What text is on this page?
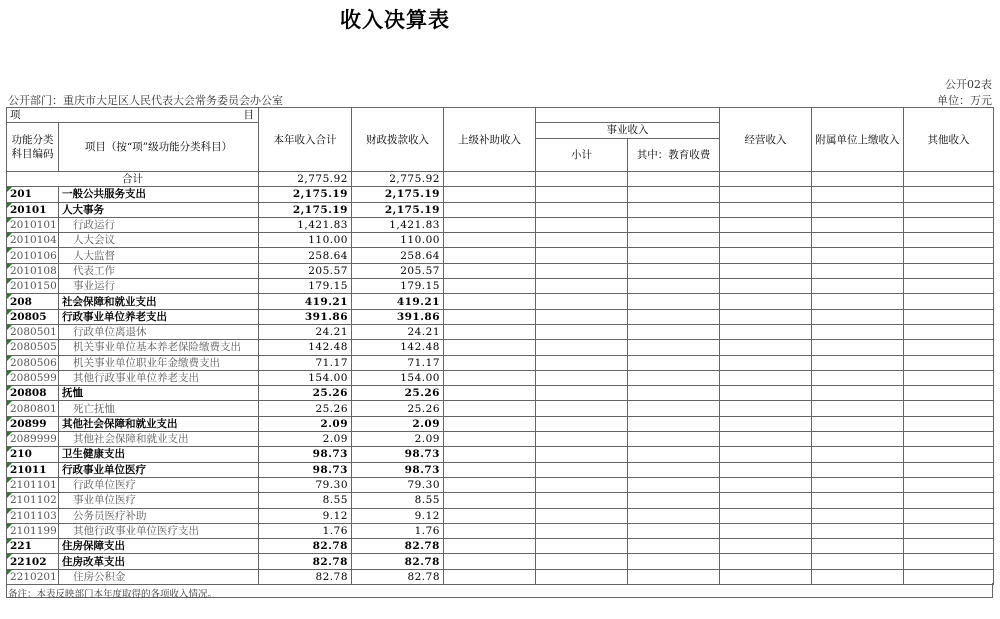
收入决算表
公开02表
公开部门：重庆市大足区人民代表大会常务委员会办公室	单位：万元
项 目		本年收入合计	财政拨款收入	上级补助收入			经营收入	附属单位上缴收入	其他收入
功能分类科目编码	项目（按“项”级功能分类科目）				事业收入				
					小计	其中：教育收费			
合计		2,775.92	2,775.92						
201	一般公共服务支出	2,175.19	2,175.19						
20101	人大事务	2,175.19	2,175.19						
2010101	行政运行	1,421.83	1,421.83						
2010104	人大会议	110.00	110.00						
2010106	人大监督	258.64	258.64						
2010108	代表工作	205.57	205.57						
2010150	事业运行	179.15	179.15						
208	社会保障和就业支出	419.21	419.21						
20805	行政事业单位养老支出	391.86	391.86						
2080501	行政单位离退休	24.21	24.21						
2080505	机关事业单位基本养老保险缴费支出	142.48	142.48						
2080506	机关事业单位职业年金缴费支出	71.17	71.17						
2080599	其他行政事业单位养老支出	154.00	154.00						
20808	抚恤	25.26	25.26						
2080801	死亡抚恤	25.26	25.26						
20899	其他社会保障和就业支出	2.09	2.09						
2089999	其他社会保障和就业支出	2.09	2.09						
210	卫生健康支出	98.73	98.73						
21011	行政事业单位医疗	98.73	98.73						
2101101	行政单位医疗	79.30	79.30						
2101102	事业单位医疗	8.55	8.55						
2101103	公务员医疗补助	9.12	9.12						
2101199	其他行政事业单位医疗支出	1.76	1.76						
221	住房保障支出	82.78	82.78						
22102	住房改革支出	82.78	82.78						
2210201	住房公积金	82.78	82.78						
备注：本表反映部门本年度取得的各项收入情况。
